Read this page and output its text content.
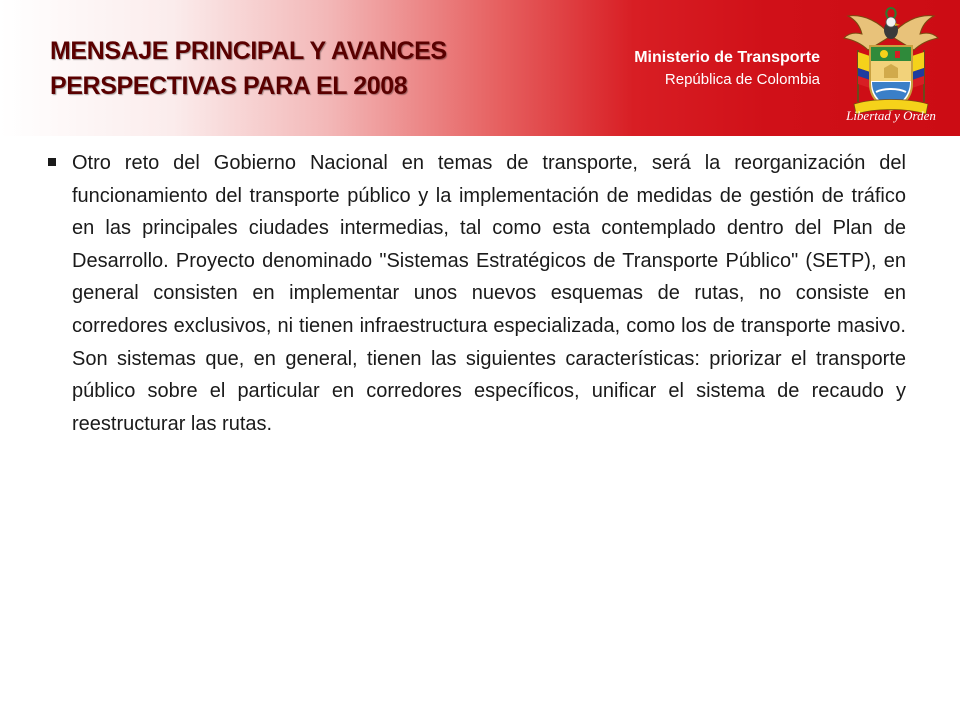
MENSAJE PRINCIPAL Y AVANCES
PERSPECTIVAS PARA EL 2008
Ministerio de Transporte
República de Colombia
Libertad y Orden

Otro reto del Gobierno Nacional en temas de transporte, será la reorganización del funcionamiento del transporte público y la implementación de medidas de gestión de tráfico en las principales ciudades intermedias, tal como esta contemplado dentro del Plan de Desarrollo. Proyecto denominado "Sistemas Estratégicos de Transporte Público" (SETP), en general consisten en implementar unos nuevos esquemas de rutas, no consiste en corredores exclusivos, ni tienen infraestructura especializada, como los de transporte masivo. Son sistemas que, en general, tienen las siguientes características: priorizar el transporte público sobre el particular en corredores específicos, unificar el sistema de recaudo y reestructurar las rutas.
